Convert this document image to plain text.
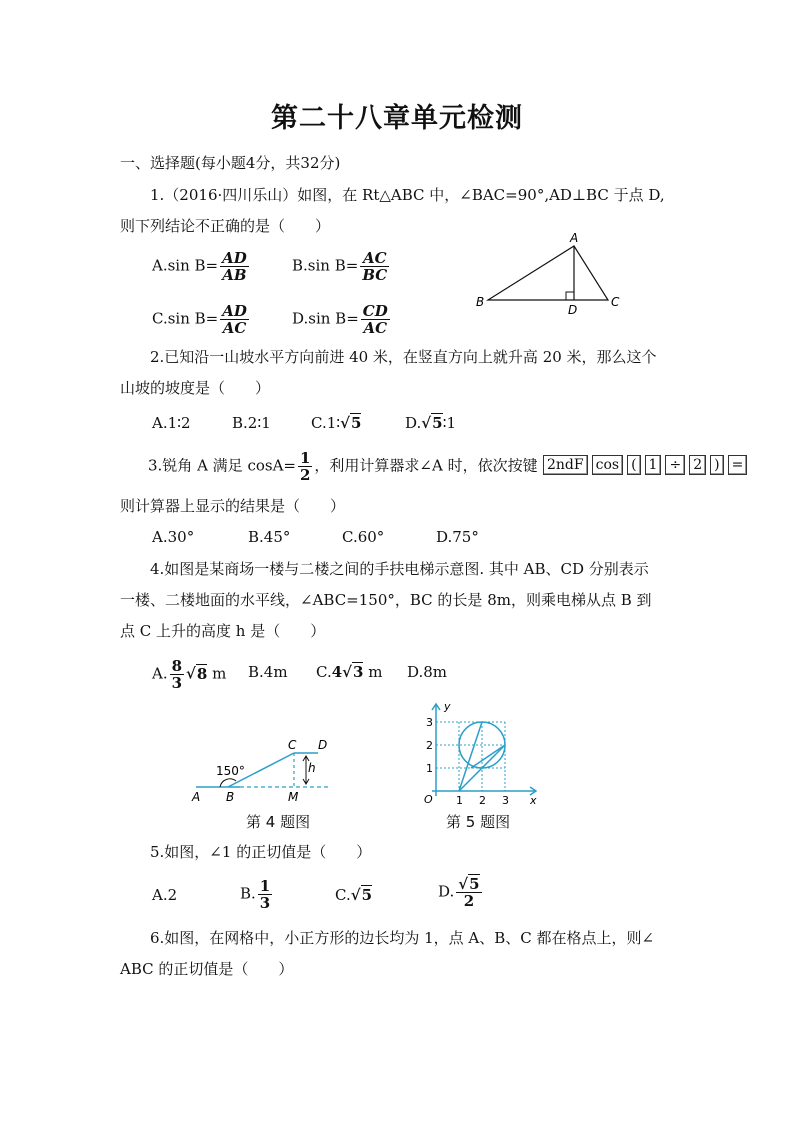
第二十八章单元检测
一、选择题(每小题4分，共32分)
1.（2016·四川乐山）如图，在 Rt△ABC 中，∠BAC=90°,AD⊥BC 于点 D,
则下列结论不正确的是（　　）
A.sin $B= \frac{AD}{AB}$	B.sin $B= \frac{AC}{BC}$
C.sin $B= \frac{AD}{AC}$	D.sin $B= \frac{CD}{AC}$
A
B	C
D
2.已知沿一山坡水平方向前进 40 米，在竖直方向上就升高 20 米，那么这个
山坡的坡度是（　　）
A.1∶2	B.2∶1	C.1∶√5	D.√5∶1
3.锐角 A 满足 $\cos A= \frac{1}{2}$ ，利用计算器求∠A 时，依次按键 2ndF cos ( 1 ÷ 2 ) =
则计算器上显示的结果是（　　）
A.30°	B.45°	C.60°	D.75°
4.如图是某商场一楼与二楼之间的手扶电梯示意图. 其中 AB、CD 分别表示
一楼、二楼地面的水平线，∠ABC=150°，BC 的长是 8m，则乘电梯从点 B 到
点 C 上升的高度 h 是（　　）
A. $\frac{8}{3} √8$ m B.4m C.4√3 m D.8m
150°
A B
C D
M
h
第 4 题图
y
x
O 1 2 3
1
2
3
第 5 题图
5.如图，∠1 的正切值是（　　）
A.2	B. $\frac{1}{3}$	C.√5	D. $\frac{√5}{2}$
6.如图，在网格中，小正方形的边长均为 1，点 A、B、C 都在格点上，则∠
ABC 的正切值是（　　）
